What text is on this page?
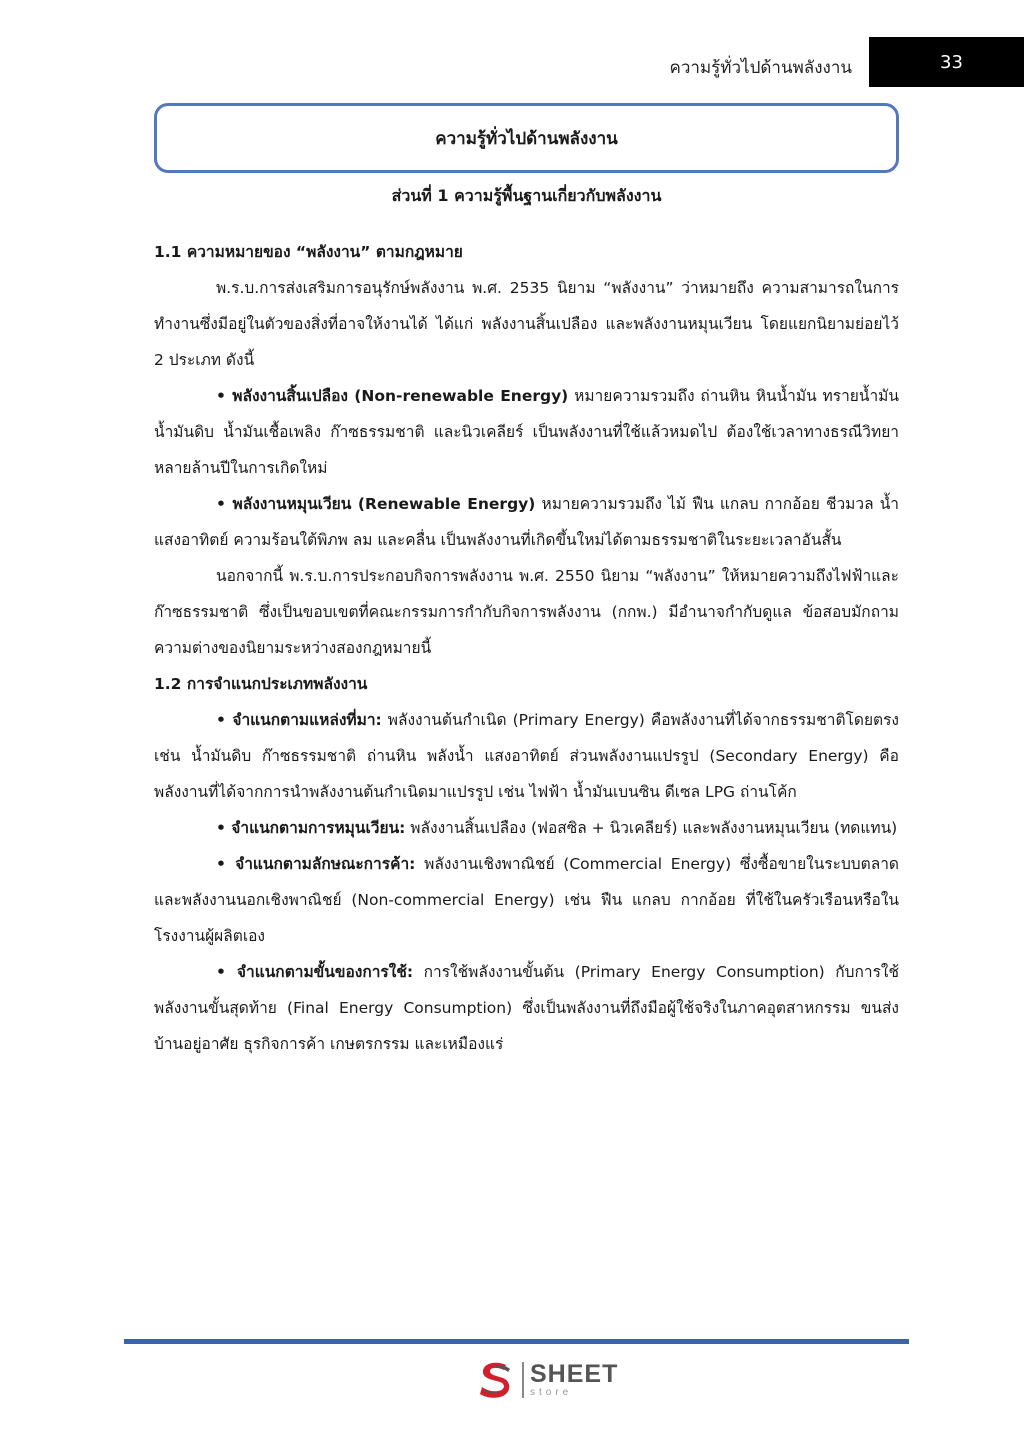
ความรู้ทั่วไปด้านพลังงาน	33
ความรู้ทั่วไปด้านพลังงาน
ส่วนที่ 1 ความรู้พื้นฐานเกี่ยวกับพลังงาน

1.1 ความหมายของ “พลังงาน” ตามกฎหมาย

พ.ร.บ.การส่งเสริมการอนุรักษ์พลังงาน พ.ศ. 2535 นิยาม “พลังงาน” ว่าหมายถึง ความสามารถในการทำงานซึ่งมีอยู่ในตัวของสิ่งที่อาจให้งานได้ ได้แก่ พลังงานสิ้นเปลือง และพลังงานหมุนเวียน โดยแยกนิยามย่อยไว้ 2 ประเภท ดังนี้

• พลังงานสิ้นเปลือง (Non-renewable Energy) หมายความรวมถึง ถ่านหิน หินน้ำมัน ทรายน้ำมัน น้ำมันดิบ น้ำมันเชื้อเพลิง ก๊าซธรรมชาติ และนิวเคลียร์ เป็นพลังงานที่ใช้แล้วหมดไป ต้องใช้เวลาทางธรณีวิทยาหลายล้านปีในการเกิดใหม่

• พลังงานหมุนเวียน (Renewable Energy) หมายความรวมถึง ไม้ ฟืน แกลบ กากอ้อย ชีวมวล น้ำ แสงอาทิตย์ ความร้อนใต้พิภพ ลม และคลื่น เป็นพลังงานที่เกิดขึ้นใหม่ได้ตามธรรมชาติในระยะเวลาอันสั้น

นอกจากนี้ พ.ร.บ.การประกอบกิจการพลังงาน พ.ศ. 2550 นิยาม “พลังงาน” ให้หมายความถึงไฟฟ้าและก๊าซธรรมชาติ ซึ่งเป็นขอบเขตที่คณะกรรมการกำกับกิจการพลังงาน (กกพ.) มีอำนาจกำกับดูแล ข้อสอบมักถามความต่างของนิยามระหว่างสองกฎหมายนี้

1.2 การจำแนกประเภทพลังงาน

• จำแนกตามแหล่งที่มา: พลังงานต้นกำเนิด (Primary Energy) คือพลังงานที่ได้จากธรรมชาติโดยตรง เช่น น้ำมันดิบ ก๊าซธรรมชาติ ถ่านหิน พลังน้ำ แสงอาทิตย์ ส่วนพลังงานแปรรูป (Secondary Energy) คือพลังงานที่ได้จากการนำพลังงานต้นกำเนิดมาแปรรูป เช่น ไฟฟ้า น้ำมันเบนซิน ดีเซล LPG ถ่านโค้ก

• จำแนกตามการหมุนเวียน: พลังงานสิ้นเปลือง (ฟอสซิล + นิวเคลียร์) และพลังงานหมุนเวียน (ทดแทน)

• จำแนกตามลักษณะการค้า: พลังงานเชิงพาณิชย์ (Commercial Energy) ซึ่งซื้อขายในระบบตลาด และพลังงานนอกเชิงพาณิชย์ (Non-commercial Energy) เช่น ฟืน แกลบ กากอ้อย ที่ใช้ในครัวเรือนหรือในโรงงานผู้ผลิตเอง

• จำแนกตามขั้นของการใช้: การใช้พลังงานขั้นต้น (Primary Energy Consumption) กับการใช้พลังงานขั้นสุดท้าย (Final Energy Consumption) ซึ่งเป็นพลังงานที่ถึงมือผู้ใช้จริงในภาคอุตสาหกรรม ขนส่ง บ้านอยู่อาศัย ธุรกิจการค้า เกษตรกรรม และเหมืองแร่

SHEET
store
